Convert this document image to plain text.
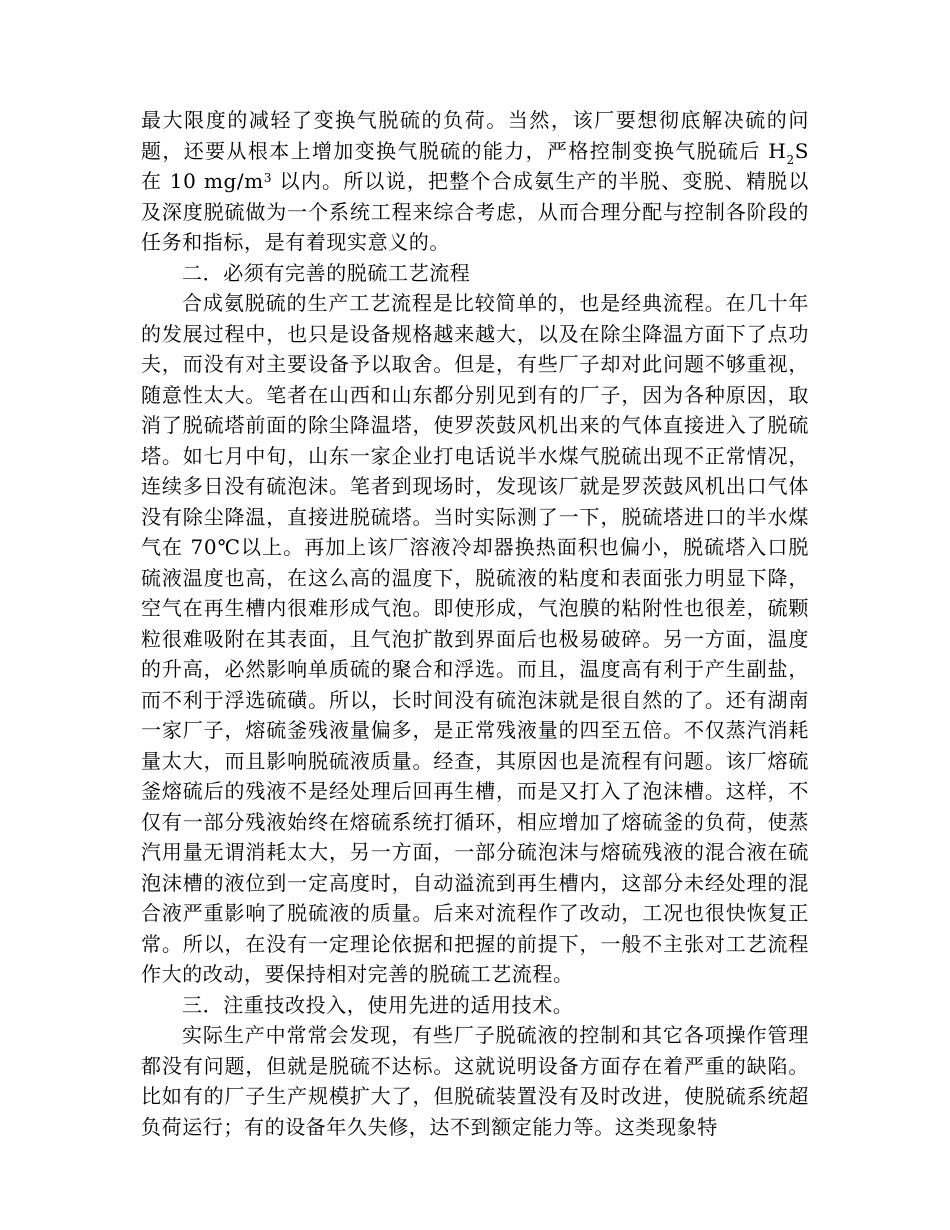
最大限度的减轻了变换气脱硫的负荷。当然，该厂要想彻底解决硫的问题，还要从根本上增加变换气脱硫的能力，严格控制变换气脱硫后 $H_2S$ 在 10 $mg/m^3$ 以内。所以说，把整个合成氨生产的半脱、变脱、精脱以及深度脱硫做为一个系统工程来综合考虑，从而合理分配与控制各阶段的任务和指标，是有着现实意义的。

二．必须有完善的脱硫工艺流程

合成氨脱硫的生产工艺流程是比较简单的，也是经典流程。在几十年的发展过程中，也只是设备规格越来越大，以及在除尘降温方面下了点功夫，而没有对主要设备予以取舍。但是，有些厂子却对此问题不够重视，随意性太大。笔者在山西和山东都分别见到有的厂子，因为各种原因，取消了脱硫塔前面的除尘降温塔，使罗茨鼓风机出来的气体直接进入了脱硫塔。如七月中旬，山东一家企业打电话说半水煤气脱硫出现不正常情况，连续多日没有硫泡沫。笔者到现场时，发现该厂就是罗茨鼓风机出口气体没有除尘降温，直接进脱硫塔。当时实际测了一下，脱硫塔进口的半水煤气在 70℃以上。再加上该厂溶液冷却器换热面积也偏小，脱硫塔入口脱硫液温度也高，在这么高的温度下，脱硫液的粘度和表面张力明显下降，空气在再生槽内很难形成气泡。即使形成，气泡膜的粘附性也很差，硫颗粒很难吸附在其表面，且气泡扩散到界面后也极易破碎。另一方面，温度的升高，必然影响单质硫的聚合和浮选。而且，温度高有利于产生副盐，而不利于浮选硫磺。所以，长时间没有硫泡沫就是很自然的了。还有湖南一家厂子，熔硫釜残液量偏多，是正常残液量的四至五倍。不仅蒸汽消耗量太大，而且影响脱硫液质量。经查，其原因也是流程有问题。该厂熔硫釜熔硫后的残液不是经处理后回再生槽，而是又打入了泡沫槽。这样，不仅有一部分残液始终在熔硫系统打循环，相应增加了熔硫釜的负荷，使蒸汽用量无谓消耗太大，另一方面，一部分硫泡沫与熔硫残液的混合液在硫泡沫槽的液位到一定高度时，自动溢流到再生槽内，这部分未经处理的混合液严重影响了脱硫液的质量。后来对流程作了改动，工况也很快恢复正常。所以，在没有一定理论依据和把握的前提下，一般不主张对工艺流程作大的改动，要保持相对完善的脱硫工艺流程。

三．注重技改投入，使用先进的适用技术。

实际生产中常常会发现，有些厂子脱硫液的控制和其它各项操作管理都没有问题，但就是脱硫不达标。这就说明设备方面存在着严重的缺陷。比如有的厂子生产规模扩大了，但脱硫装置没有及时改进，使脱硫系统超负荷运行；有的设备年久失修，达不到额定能力等。这类现象特
